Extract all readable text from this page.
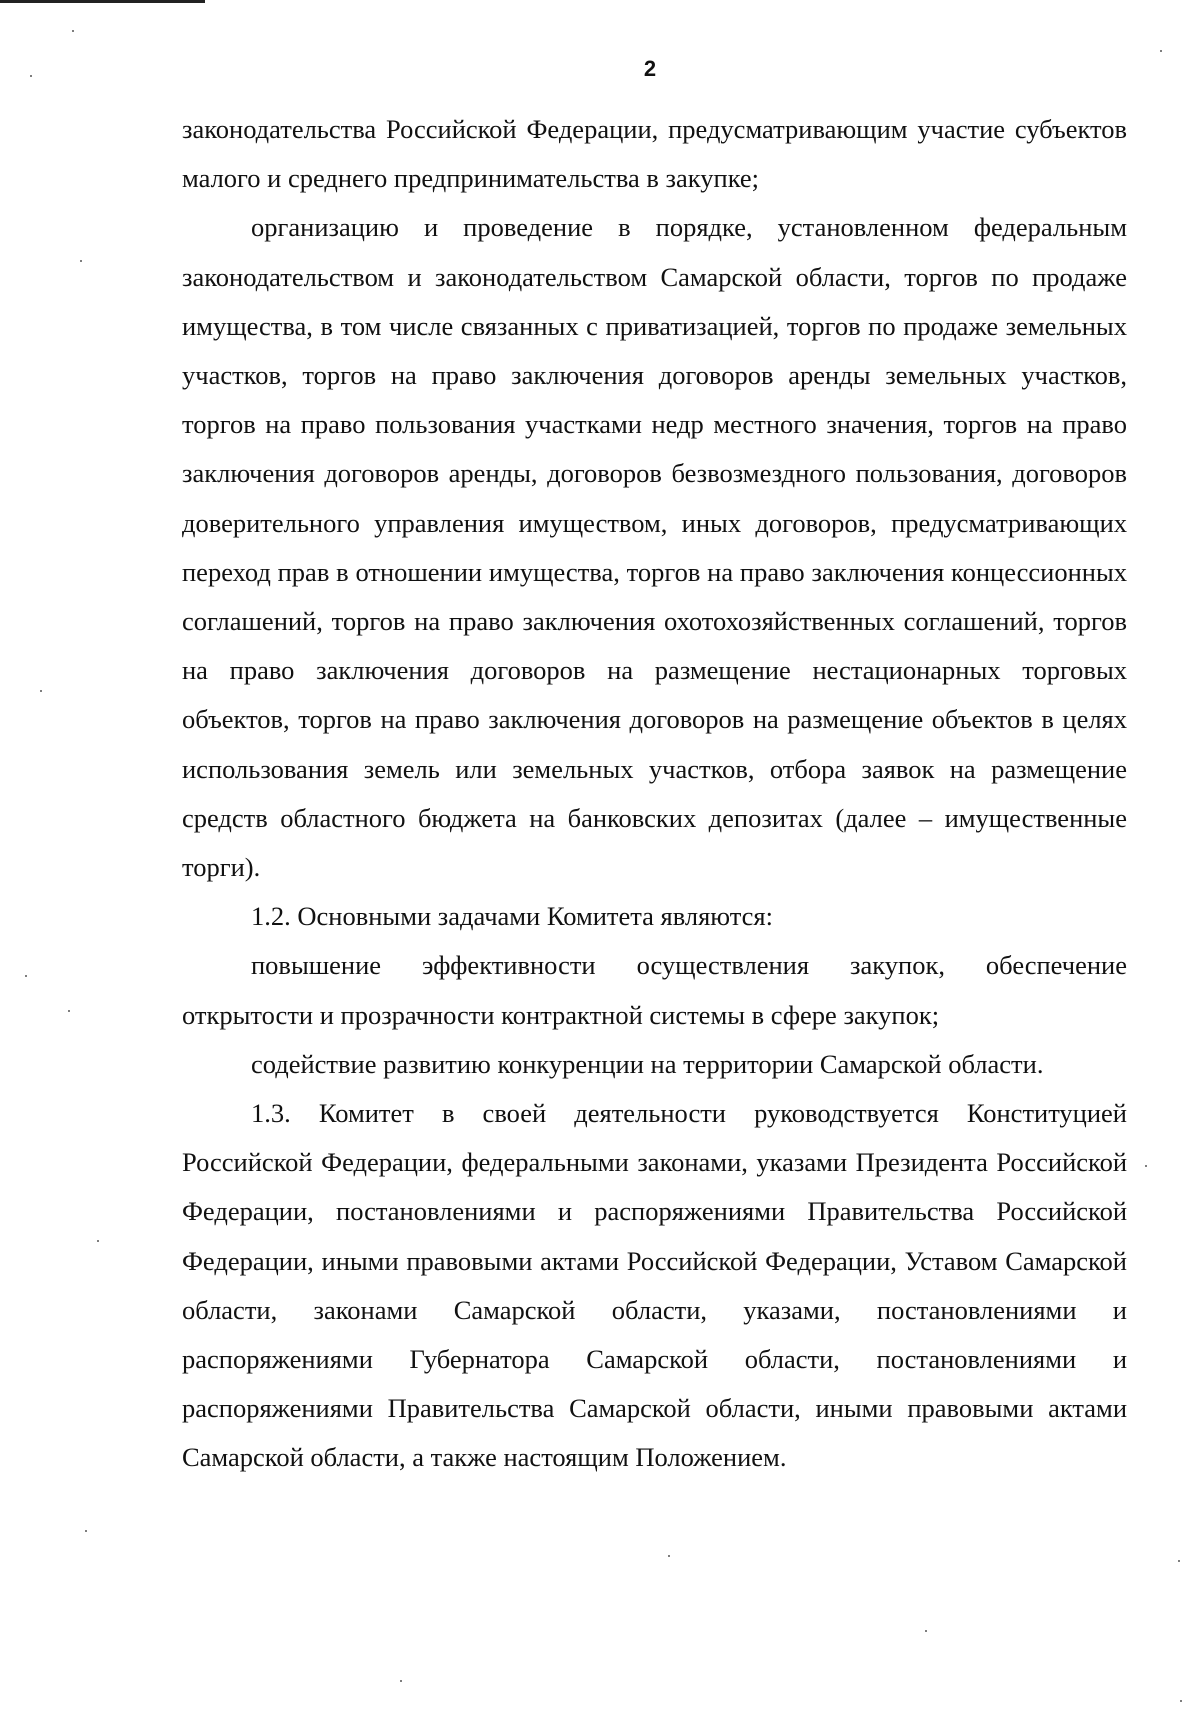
2

законодательства Российской Федерации, предусматривающим участие субъектов малого и среднего предпринимательства в закупке;

организацию и проведение в порядке, установленном федеральным законодательством и законодательством Самарской области, торгов по продаже имущества, в том числе связанных с приватизацией, торгов по продаже земельных участков, торгов на право заключения договоров аренды земельных участков, торгов на право пользования участками недр местного значения, торгов на право заключения договоров аренды, договоров безвозмездного пользования, договоров доверительного управления имуществом, иных договоров, предусматривающих переход прав в отношении имущества, торгов на право заключения концессионных соглашений, торгов на право заключения охотохозяйственных соглашений, торгов на право заключения договоров на размещение нестационарных торговых объектов, торгов на право заключения договоров на размещение объектов в целях использования земель или земельных участков, отбора заявок на размещение средств областного бюджета на банковских депозитах (далее – имущественные торги).

1.2. Основными задачами Комитета являются:

повышение эффективности осуществления закупок, обеспечение открытости и прозрачности контрактной системы в сфере закупок;

содействие развитию конкуренции на территории Самарской области.

1.3. Комитет в своей деятельности руководствуется Конституцией Российской Федерации, федеральными законами, указами Президента Российской Федерации, постановлениями и распоряжениями Правительства Российской Федерации, иными правовыми актами Российской Федерации, Уставом Самарской области, законами Самарской области, указами, постановлениями и распоряжениями Губернатора Самарской области, постановлениями и распоряжениями Правительства Самарской области, иными правовыми актами Самарской области, а также настоящим Положением.
